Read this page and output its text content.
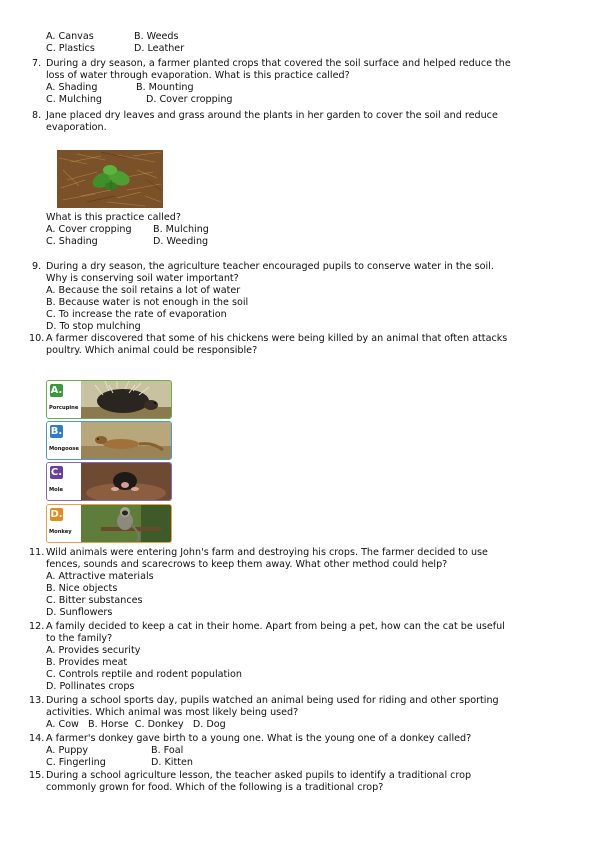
A. Canvas	B. Weeds
C. Plastics	D. Leather
7. During a dry season, a farmer planted crops that covered the soil surface and helped reduce the
loss of water through evaporation. What is this practice called?
A. Shading	B. Mounting
C. Mulching	D. Cover cropping
8. Jane placed dry leaves and grass around the plants in her garden to cover the soil and reduce
evaporation.
What is this practice called?
A. Cover cropping B. Mulching
C. Shading	D. Weeding
9. During a dry season, the agriculture teacher encouraged pupils to conserve water in the soil.
Why is conserving soil water important?
A. Because the soil retains a lot of water
B. Because water is not enough in the soil
C. To increase the rate of evaporation
D. To stop mulching
10. A farmer discovered that some of his chickens were being killed by an animal that often attacks
poultry. Which animal could be responsible?
A.
Porcupine
B.
Mongoose
C.
Mole
D.
Monkey
11. Wild animals were entering John's farm and destroying his crops. The farmer decided to use
fences, sounds and scarecrows to keep them away. What other method could help?
A. Attractive materials
B. Nice objects
C. Bitter substances
D. Sunflowers
12. A family decided to keep a cat in their home. Apart from being a pet, how can the cat be useful
to the family?
A. Provides security
B. Provides meat
C. Controls reptile and rodent population
D. Pollinates crops
13. During a school sports day, pupils watched an animal being used for riding and other sporting
activities. Which animal was most likely being used?
A. Cow   B. Horse  C. Donkey   D. Dog
14. A farmer's donkey gave birth to a young one. What is the young one of a donkey called?
A. Puppy	B. Foal
C. Fingerling	D. Kitten
15. During a school agriculture lesson, the teacher asked pupils to identify a traditional crop
commonly grown for food. Which of the following is a traditional crop?
